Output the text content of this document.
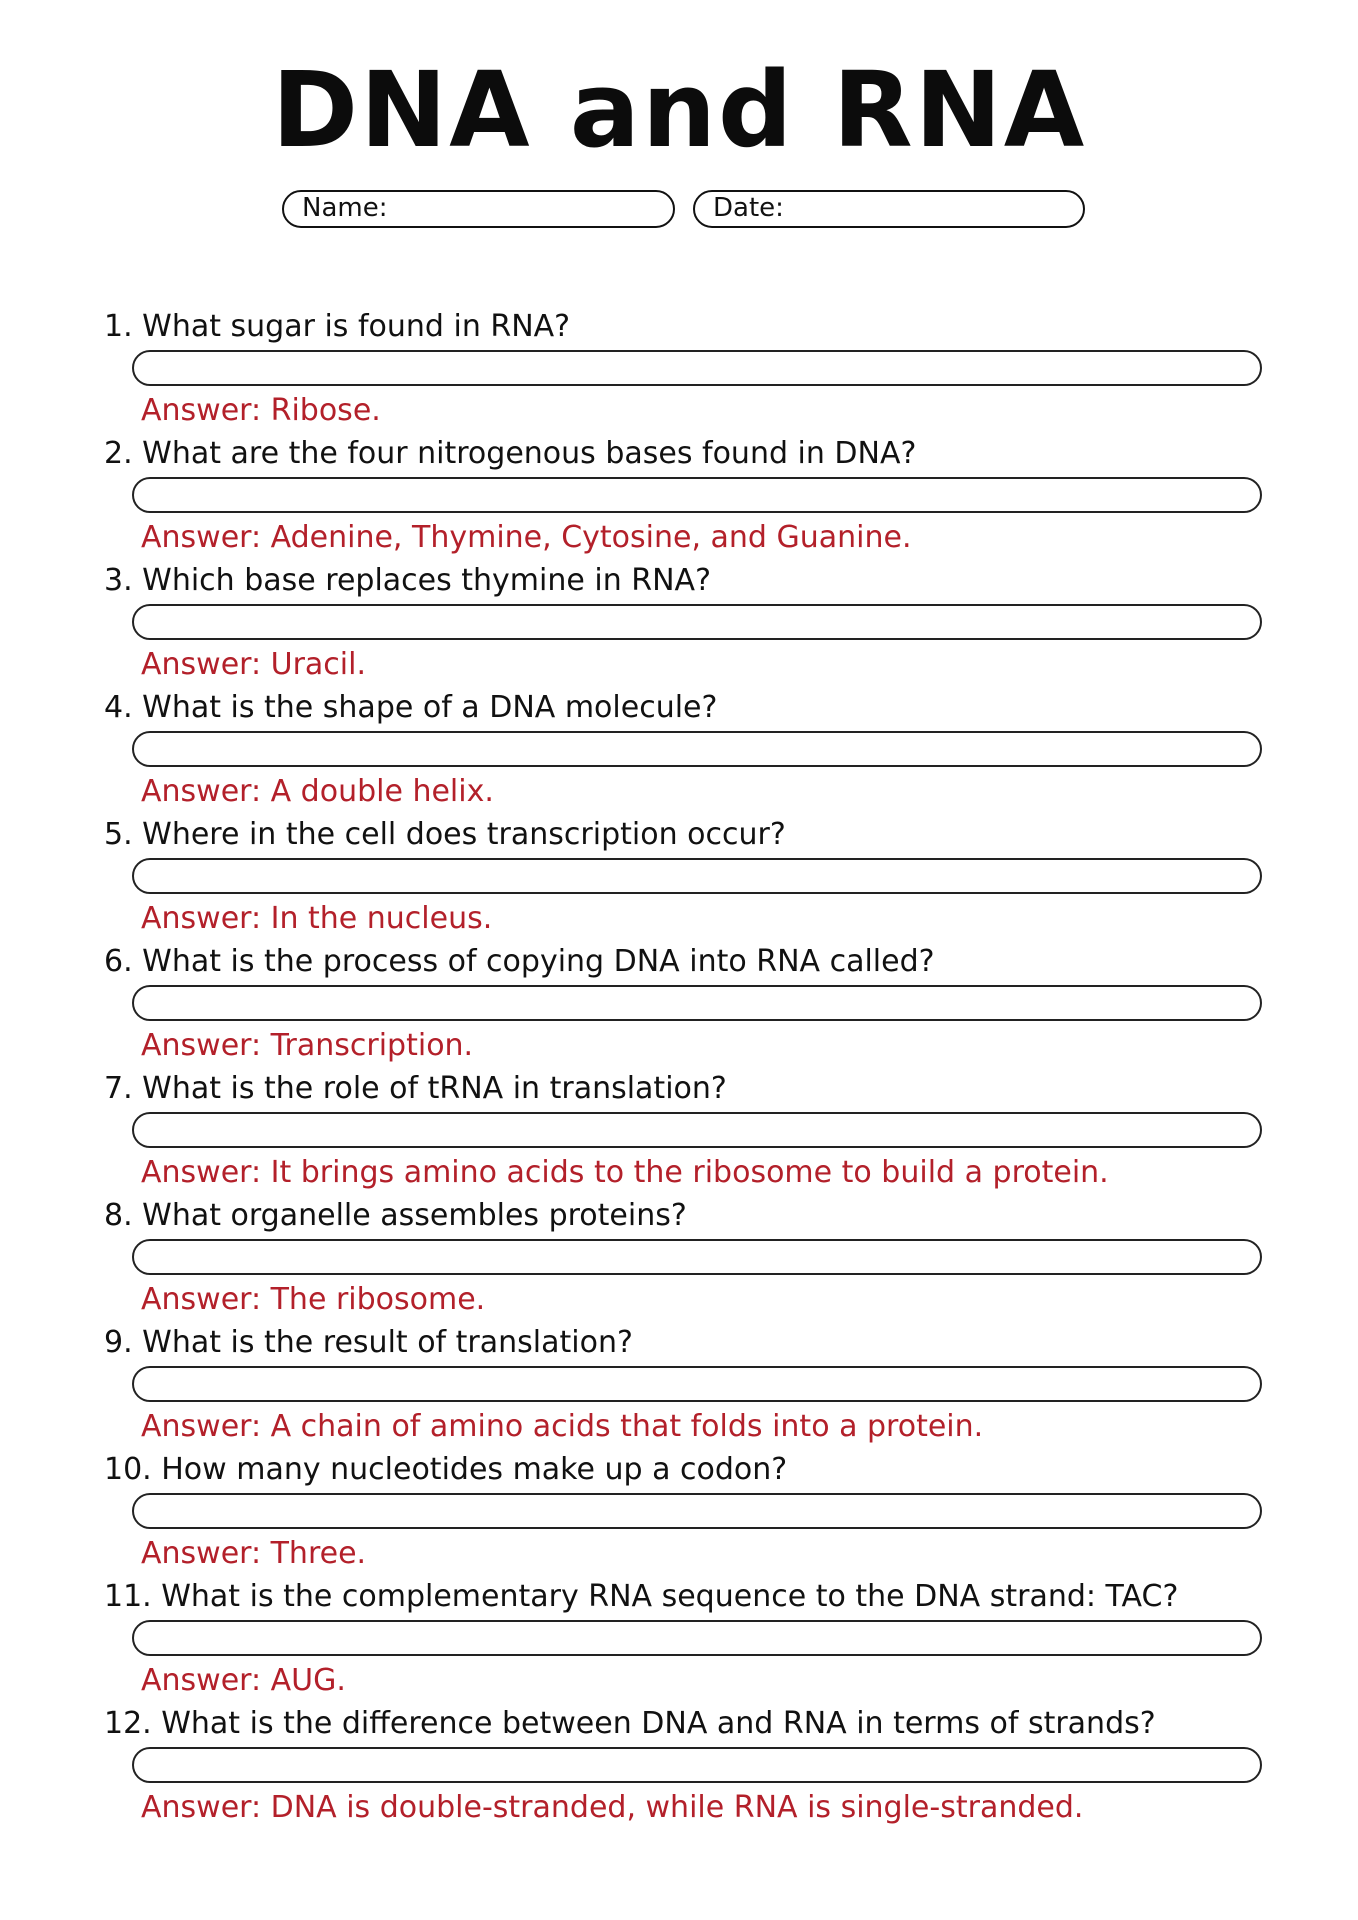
DNA and RNA
Name:	Date:
1. What sugar is found in RNA?
Answer: Ribose.
2. What are the four nitrogenous bases found in DNA?
Answer: Adenine, Thymine, Cytosine, and Guanine.
3. Which base replaces thymine in RNA?
Answer: Uracil.
4. What is the shape of a DNA molecule?
Answer: A double helix.
5. Where in the cell does transcription occur?
Answer: In the nucleus.
6. What is the process of copying DNA into RNA called?
Answer: Transcription.
7. What is the role of tRNA in translation?
Answer: It brings amino acids to the ribosome to build a protein.
8. What organelle assembles proteins?
Answer: The ribosome.
9. What is the result of translation?
Answer: A chain of amino acids that folds into a protein.
10. How many nucleotides make up a codon?
Answer: Three.
11. What is the complementary RNA sequence to the DNA strand: TAC?
Answer: AUG.
12. What is the difference between DNA and RNA in terms of strands?
Answer: DNA is double-stranded, while RNA is single-stranded.
